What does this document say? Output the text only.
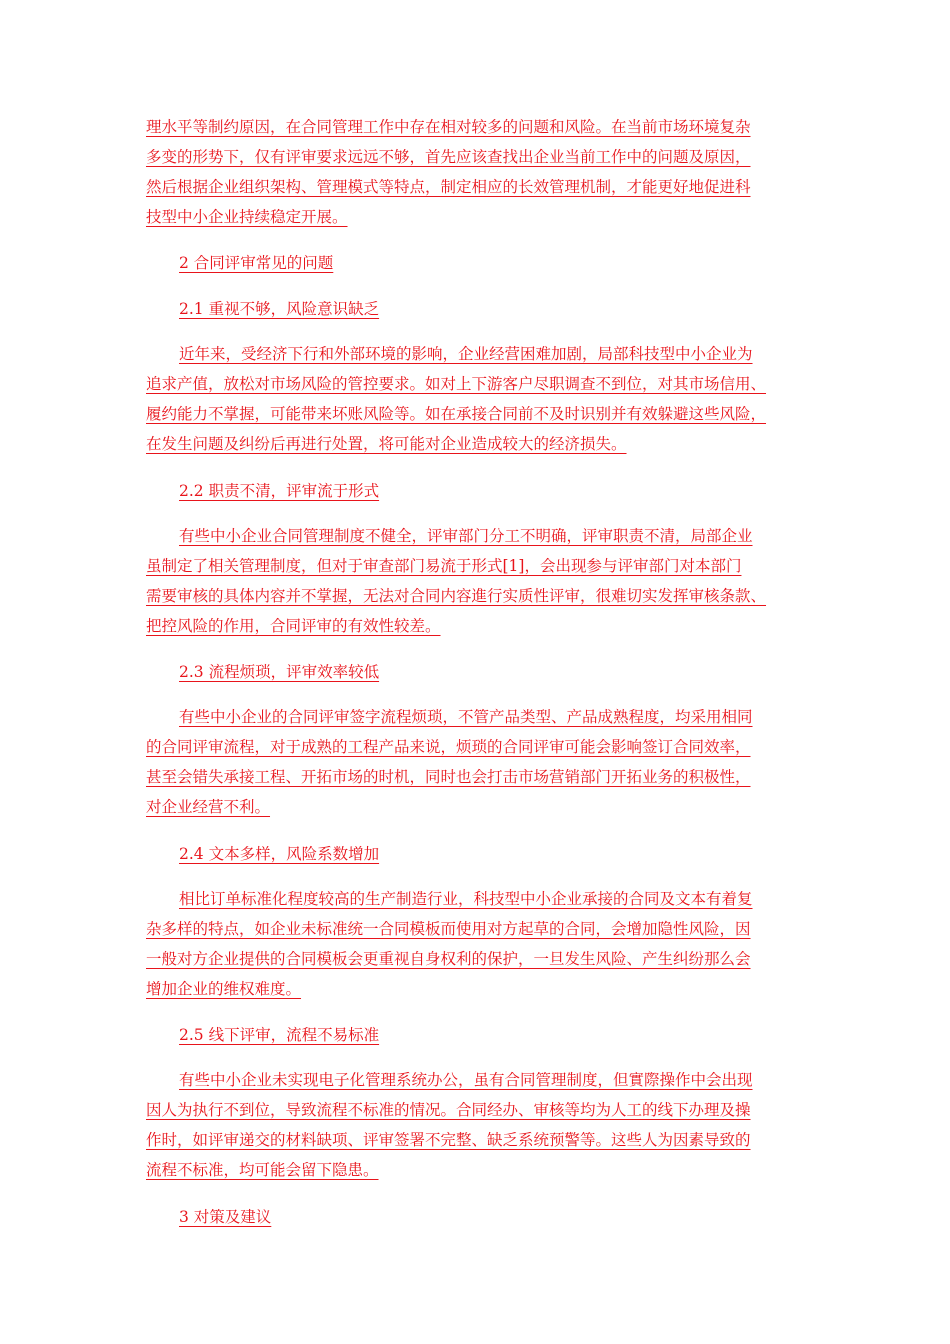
理水平等制约原因，在合同管理工作中存在相对较多的问题和风险。在当前市场环境复杂
多变的形势下，仅有评审要求远远不够，首先应该查找出企业当前工作中的问题及原因，
然后根据企业组织架构、管理模式等特点，制定相应的长效管理机制，才能更好地促进科
技型中小企业持续稳定开展。
2 合同评审常见的问题
2.1 重视不够，风险意识缺乏
近年来，受经济下行和外部环境的影响，企业经营困难加剧，局部科技型中小企业为
追求产值，放松对市场风险的管控要求。如对上下游客户尽职调查不到位，对其市场信用、
履约能力不掌握，可能带来坏账风险等。如在承接合同前不及时识别并有效躲避这些风险，
在发生问题及纠纷后再进行处置，将可能对企业造成较大的经济损失。
2.2 职责不清，评审流于形式
有些中小企业合同管理制度不健全，评审部门分工不明确，评审职责不清，局部企业
虽制定了相关管理制度，但对于审查部门易流于形式[1]，会出现参与评审部门对本部门
需要审核的具体内容并不掌握，无法对合同内容進行实质性评审，很难切实发挥审核条款、
把控风险的作用，合同评审的有效性较差。
2.3 流程烦琐，评审效率较低
有些中小企业的合同评审签字流程烦琐，不管产品类型、产品成熟程度，均采用相同
的合同评审流程，对于成熟的工程产品来说，烦琐的合同评审可能会影响签订合同效率，
甚至会错失承接工程、开拓市场的时机，同时也会打击市场营销部门开拓业务的积极性，
对企业经营不利。
2.4 文本多样，风险系数增加
相比订单标准化程度较高的生产制造行业，科技型中小企业承接的合同及文本有着复
杂多样的特点，如企业未标准统一合同模板而使用对方起草的合同，会增加隐性风险，因
一般对方企业提供的合同模板会更重视自身权利的保护，一旦发生风险、产生纠纷那么会
增加企业的维权难度。
2.5 线下评审，流程不易标准
有些中小企业未实现电子化管理系统办公，虽有合同管理制度，但實際操作中会出现
因人为执行不到位，导致流程不标准的情况。合同经办、审核等均为人工的线下办理及操
作时，如评审递交的材料缺项、评审签署不完整、缺乏系统预警等。这些人为因素导致的
流程不标准，均可能会留下隐患。
3 对策及建议
